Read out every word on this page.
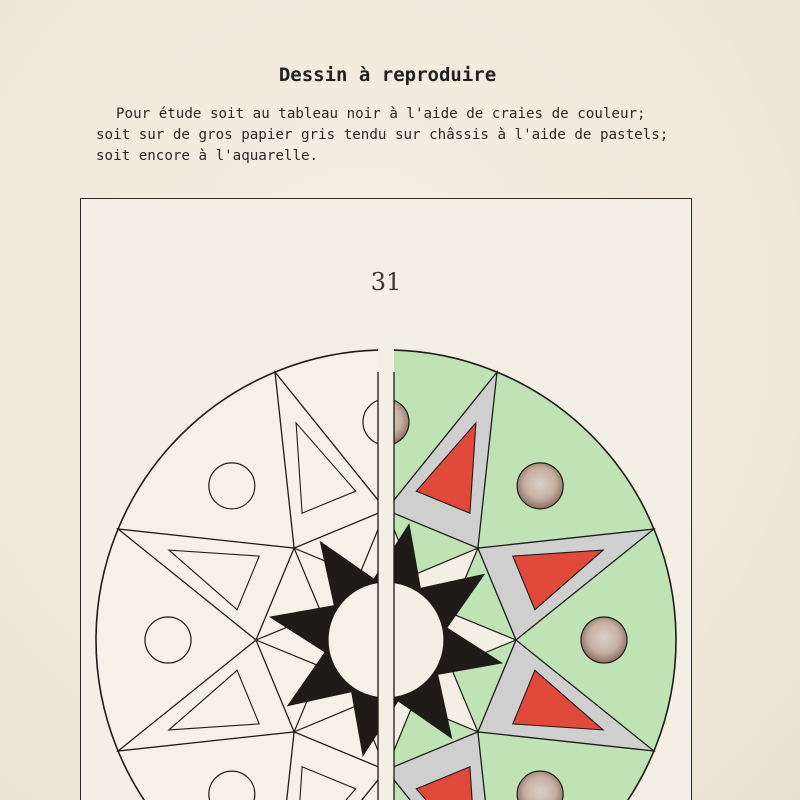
Dessin à reproduire
Pour étude soit au tableau noir à l'aide de craies de couleur;
soit sur de gros papier gris tendu sur châssis à l'aide de pastels;
soit encore à l'aquarelle.
31
